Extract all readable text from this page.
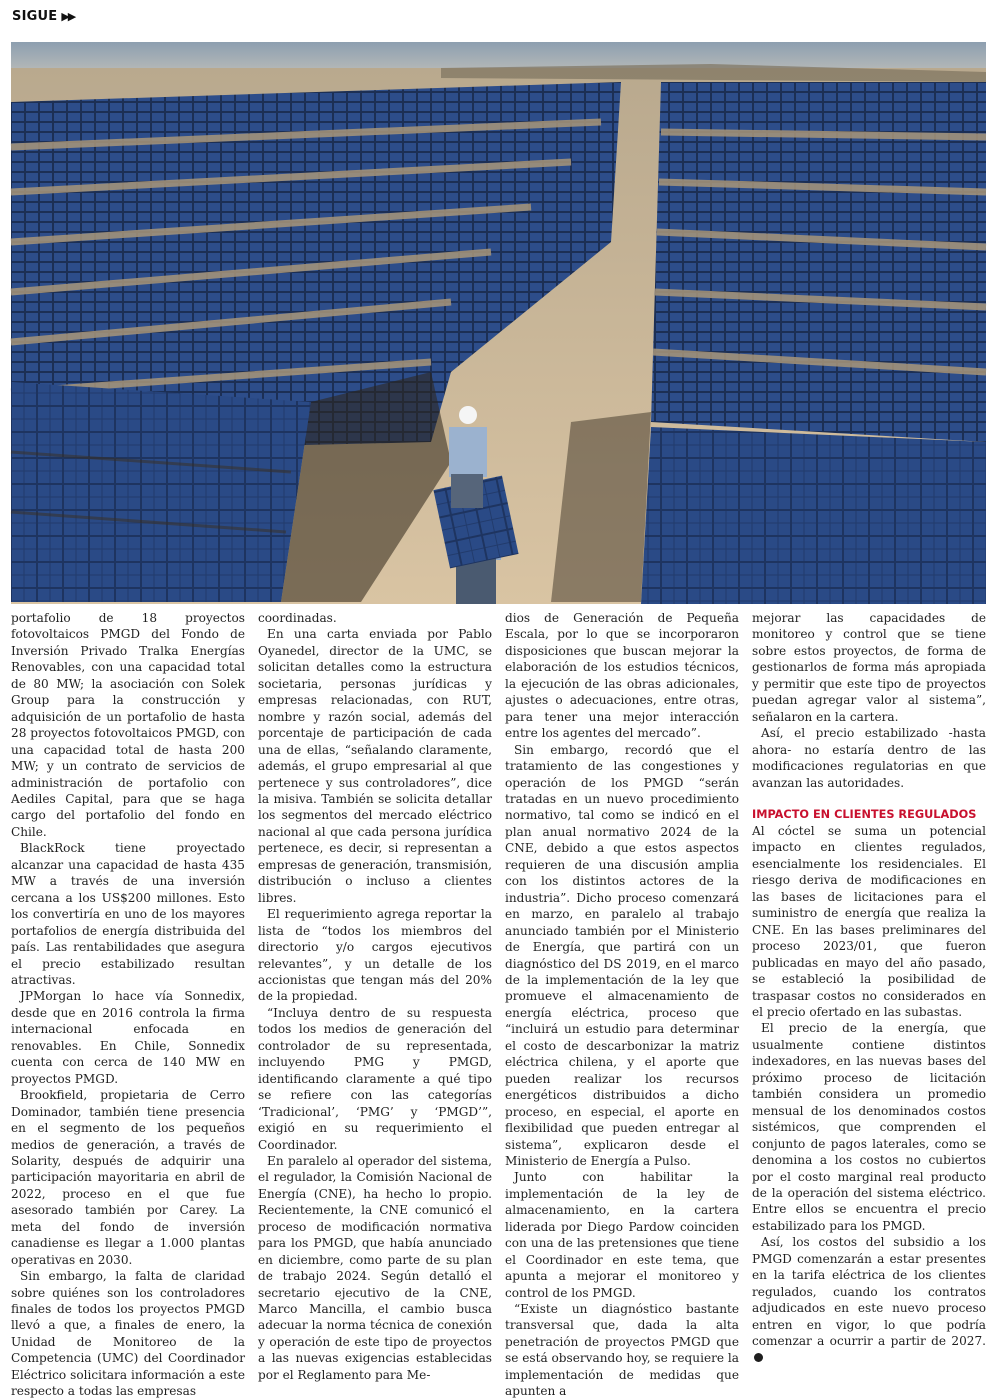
SIGUE ▶▶

portafolio de 18 proyectos fotovoltaicos PMGD del Fondo de Inversión Privado Tralka Energías Renovables, con una capacidad total de 80 MW; la asociación con Solek Group para la construcción y adquisición de un portafolio de hasta 28 proyectos fotovoltaicos PMGD, con una capacidad total de hasta 200 MW; y un contrato de servicios de administración de portafolio con Aediles Capital, para que se haga cargo del portafolio del fondo en Chile.

BlackRock tiene proyectado alcanzar una capacidad de hasta 435 MW a través de una inversión cercana a los US$200 millones. Esto los convertiría en uno de los mayores portafolios de energía distribuida del país. Las rentabilidades que asegura el precio estabilizado resultan atractivas.

JPMorgan lo hace vía Sonnedix, desde que en 2016 controla la firma internacional enfocada en renovables. En Chile, Sonnedix cuenta con cerca de 140 MW en proyectos PMGD.

Brookfield, propietaria de Cerro Dominador, también tiene presencia en el segmento de los pequeños medios de generación, a través de Solarity, después de adquirir una participación mayoritaria en abril de 2022, proceso en el que fue asesorado también por Carey. La meta del fondo de inversión canadiense es llegar a 1.000 plantas operativas en 2030.

Sin embargo, la falta de claridad sobre quiénes son los controladores finales de todos los proyectos PMGD llevó a que, a finales de enero, la Unidad de Monitoreo de la Competencia (UMC) del Coordinador Eléctrico solicitara información a este respecto a todas las empresas

coordinadas.

En una carta enviada por Pablo Oyanedel, director de la UMC, se solicitan detalles como la estructura societaria, personas jurídicas y empresas relacionadas, con RUT, nombre y razón social, además del porcentaje de participación de cada una de ellas, “señalando claramente, además, el grupo empresarial al que pertenece y sus controladores”, dice la misiva. También se solicita detallar los segmentos del mercado eléctrico nacional al que cada persona jurídica pertenece, es decir, si representan a empresas de generación, transmisión, distribución o incluso a clientes libres.

El requerimiento agrega reportar la lista de “todos los miembros del directorio y/o cargos ejecutivos relevantes”, y un detalle de los accionistas que tengan más del 20% de la propiedad.

“Incluya dentro de su respuesta todos los medios de generación del controlador de su representada, incluyendo PMG y PMGD, identificando claramente a qué tipo se refiere con las categorías ‘Tradicional’, ‘PMG’ y ‘PMGD’”, exigió en su requerimiento el Coordinador.

En paralelo al operador del sistema, el regulador, la Comisión Nacional de Energía (CNE), ha hecho lo propio. Recientemente, la CNE comunicó el proceso de modificación normativa para los PMGD, que había anunciado en diciembre, como parte de su plan de trabajo 2024. Según detalló el secretario ejecutivo de la CNE, Marco Mancilla, el cambio busca adecuar la norma técnica de conexión y operación de este tipo de proyectos a las nuevas exigencias establecidas por el Reglamento para Me-

dios de Generación de Pequeña Escala, por lo que se incorporaron disposiciones que buscan mejorar la elaboración de los estudios técnicos, la ejecución de las obras adicionales, ajustes o adecuaciones, entre otras, para tener una mejor interacción entre los agentes del mercado”.

Sin embargo, recordó que el tratamiento de las congestiones y operación de los PMGD “serán tratadas en un nuevo procedimiento normativo, tal como se indicó en el plan anual normativo 2024 de la CNE, debido a que estos aspectos requieren de una discusión amplia con los distintos actores de la industria”. Dicho proceso comenzará en marzo, en paralelo al trabajo anunciado también por el Ministerio de Energía, que partirá con un diagnóstico del DS 2019, en el marco de la implementación de la ley que promueve el almacenamiento de energía eléctrica, proceso que “incluirá un estudio para determinar el costo de descarbonizar la matriz eléctrica chilena, y el aporte que pueden realizar los recursos energéticos distribuidos a dicho proceso, en especial, el aporte en flexibilidad que pueden entregar al sistema”, explicaron desde el Ministerio de Energía a Pulso.

Junto con habilitar la implementación de la ley de almacenamiento, en la cartera liderada por Diego Pardow coinciden con una de las pretensiones que tiene el Coordinador en este tema, que apunta a mejorar el monitoreo y control de los PMGD.

“Existe un diagnóstico bastante transversal que, dada la alta penetración de proyectos PMGD que se está observando hoy, se requiere la implementación de medidas que apunten a

mejorar las capacidades de monitoreo y control que se tiene sobre estos proyectos, de forma de gestionarlos de forma más apropiada y permitir que este tipo de proyectos puedan agregar valor al sistema”, señalaron en la cartera.

Así, el precio estabilizado -hasta ahora- no estaría dentro de las modificaciones regulatorias en que avanzan las autoridades.

IMPACTO EN CLIENTES REGULADOS

Al cóctel se suma un potencial impacto en clientes regulados, esencialmente los residenciales. El riesgo deriva de modificaciones en las bases de licitaciones para el suministro de energía que realiza la CNE. En las bases preliminares del proceso 2023/01, que fueron publicadas en mayo del año pasado, se estableció la posibilidad de traspasar costos no considerados en el precio ofertado en las subastas.

El precio de la energía, que usualmente contiene distintos indexadores, en las nuevas bases del próximo proceso de licitación también considera un promedio mensual de los denominados costos sistémicos, que comprenden el conjunto de pagos laterales, como se denomina a los costos no cubiertos por el costo marginal real producto de la operación del sistema eléctrico. Entre ellos se encuentra el precio estabilizado para los PMGD.

Así, los costos del subsidio a los PMGD comenzarán a estar presentes en la tarifa eléctrica de los clientes regulados, cuando los contratos adjudicados en este nuevo proceso entren en vigor, lo que podría comenzar a ocurrir a partir de 2027.
